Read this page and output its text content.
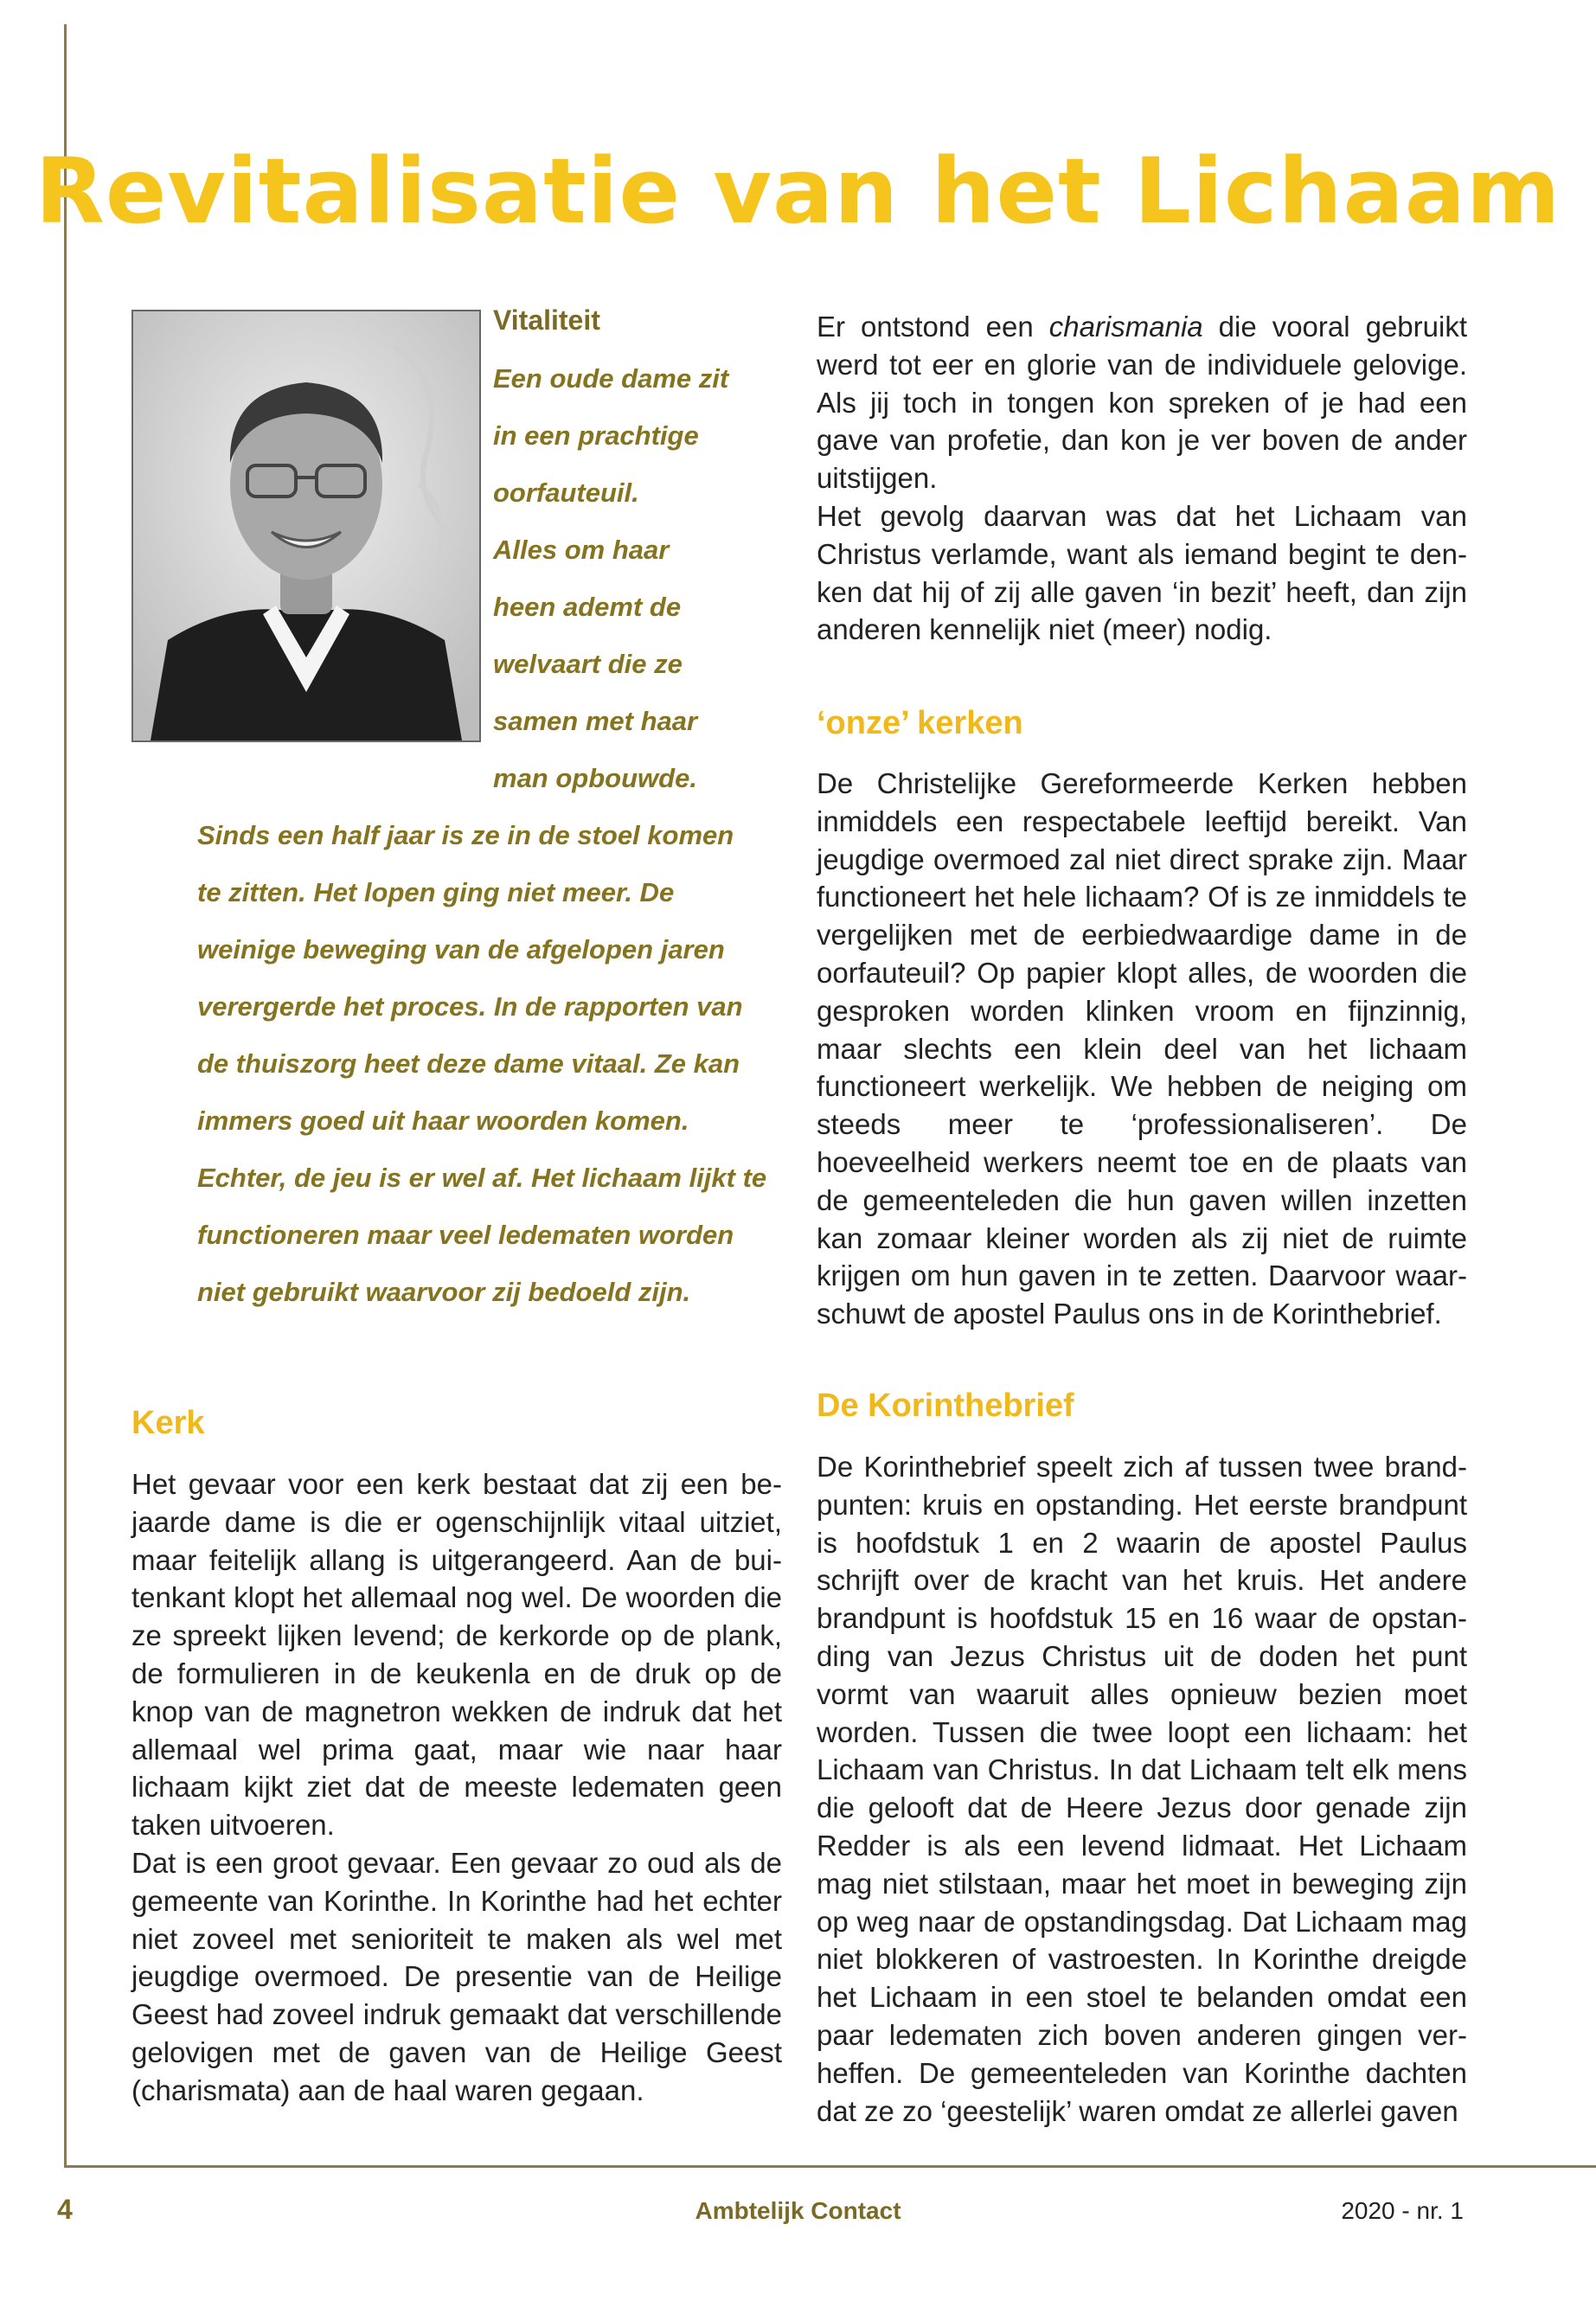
Revitalisatie van het Lichaam
Vitaliteit
Een oude dame zit
in een prachtige
oorfauteuil.
Alles om haar
heen ademt de
welvaart die ze
samen met haar
man opbouwde.
Sinds een half jaar is ze in de stoel komen
te zitten. Het lopen ging niet meer. De
weinige beweging van de afgelopen jaren
verergerde het proces. In de rapporten van
de thuiszorg heet deze dame vitaal. Ze kan
immers goed uit haar woorden komen.
Echter, de jeu is er wel af. Het lichaam lijkt te
functioneren maar veel ledematen worden
niet gebruikt waarvoor zij bedoeld zijn.
Kerk
Het gevaar voor een kerk bestaat dat zij een bejaarde dame is die er ogenschijnlijk vitaal uitziet, maar feitelijk allang is uitgerangeerd. Aan de buitenkant klopt het allemaal nog wel. De woorden die ze spreekt lijken levend; de kerkorde op de plank, de formulieren in de keukenla en de druk op de knop van de magnetron wekken de indruk dat het allemaal wel prima gaat, maar wie naar haar lichaam kijkt ziet dat de meeste ledematen geen taken uitvoeren.
Dat is een groot gevaar. Een gevaar zo oud als de gemeente van Korinthe. In Korinthe had het echter niet zoveel met senioriteit te maken als wel met jeugdige overmoed. De presentie van de Heilige Geest had zoveel indruk gemaakt dat verschillende gelovigen met de gaven van de Heilige Geest (charismata) aan de haal waren gegaan.
Er ontstond een charismania die vooral gebruikt werd tot eer en glorie van de individuele gelovige. Als jij toch in tongen kon spreken of je had een gave van profetie, dan kon je ver boven de ander uitstijgen.
Het gevolg daarvan was dat het Lichaam van Christus verlamde, want als iemand begint te denken dat hij of zij alle gaven ‘in bezit’ heeft, dan zijn anderen kennelijk niet (meer) nodig.
‘onze’ kerken
De Christelijke Gereformeerde Kerken hebben inmiddels een respectabele leeftijd bereikt. Van jeugdige overmoed zal niet direct sprake zijn. Maar functioneert het hele lichaam? Of is ze inmiddels te vergelijken met de eerbiedwaardige dame in de oorfauteuil? Op papier klopt alles, de woorden die gesproken worden klinken vroom en fijnzinnig, maar slechts een klein deel van het lichaam functioneert werkelijk. We hebben de neiging om steeds meer te ‘professionaliseren’. De hoeveelheid werkers neemt toe en de plaats van de gemeenteleden die hun gaven willen inzetten kan zomaar kleiner worden als zij niet de ruimte krijgen om hun gaven in te zetten. Daarvoor waarschuwt de apostel Paulus ons in de Korinthebrief.
De Korinthebrief
De Korinthebrief speelt zich af tussen twee brandpunten: kruis en opstanding. Het eerste brandpunt is hoofdstuk 1 en 2 waarin de apostel Paulus schrijft over de kracht van het kruis. Het andere brandpunt is hoofdstuk 15 en 16 waar de opstanding van Jezus Christus uit de doden het punt vormt van waaruit alles opnieuw bezien moet worden. Tussen die twee loopt een lichaam: het Lichaam van Christus. In dat Lichaam telt elk mens die gelooft dat de Heere Jezus door genade zijn Redder is als een levend lidmaat. Het Lichaam mag niet stilstaan, maar het moet in beweging zijn op weg naar de opstandingsdag. Dat Lichaam mag niet blokkeren of vastroesten. In Korinthe dreigde het Lichaam in een stoel te belanden omdat een paar ledematen zich boven anderen gingen verheffen. De gemeenteleden van Korinthe dachten dat ze zo ‘geestelijk’ waren omdat ze allerlei gaven
4	Ambtelijk Contact	2020 - nr. 1
